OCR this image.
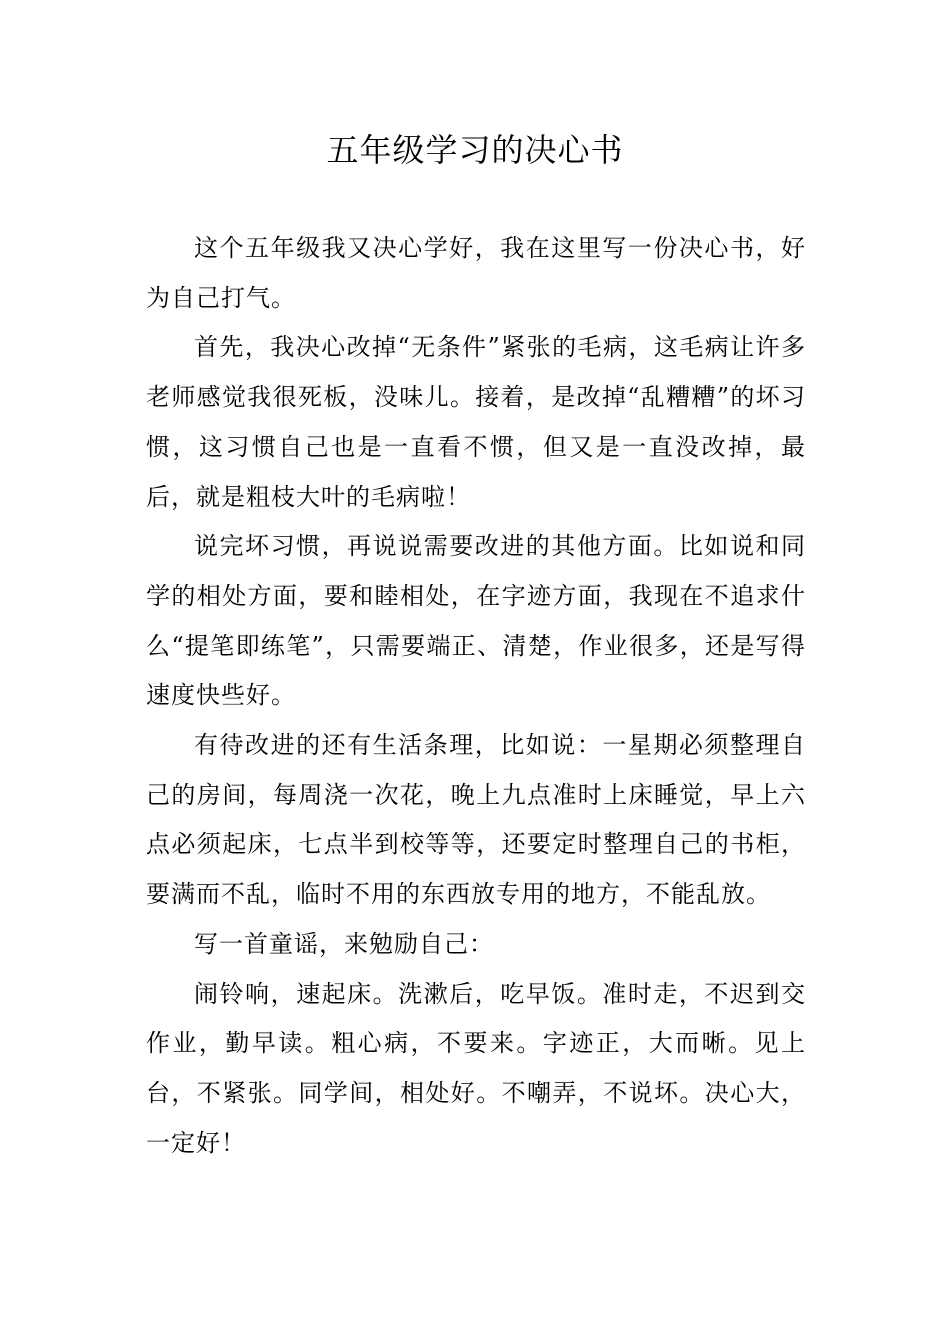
五年级学习的决心书

这个五年级我又决心学好，我在这里写一份决心书，好为自己打气。

首先，我决心改掉“无条件”紧张的毛病，这毛病让许多老师感觉我很死板，没味儿。接着，是改掉“乱糟糟”的坏习惯，这习惯自己也是一直看不惯，但又是一直没改掉，最后，就是粗枝大叶的毛病啦！

说完坏习惯，再说说需要改进的其他方面。比如说和同学的相处方面，要和睦相处，在字迹方面，我现在不追求什么“提笔即练笔”，只需要端正、清楚，作业很多，还是写得速度快些好。

有待改进的还有生活条理，比如说：一星期必须整理自己的房间，每周浇一次花，晚上九点准时上床睡觉，早上六点必须起床，七点半到校等等，还要定时整理自己的书柜，要满而不乱，临时不用的东西放专用的地方，不能乱放。

写一首童谣，来勉励自己：

闹铃响，速起床。洗漱后，吃早饭。准时走，不迟到交作业，勤早读。粗心病，不要来。字迹正，大而晰。见上台，不紧张。同学间，相处好。不嘲弄，不说坏。决心大，一定好！
